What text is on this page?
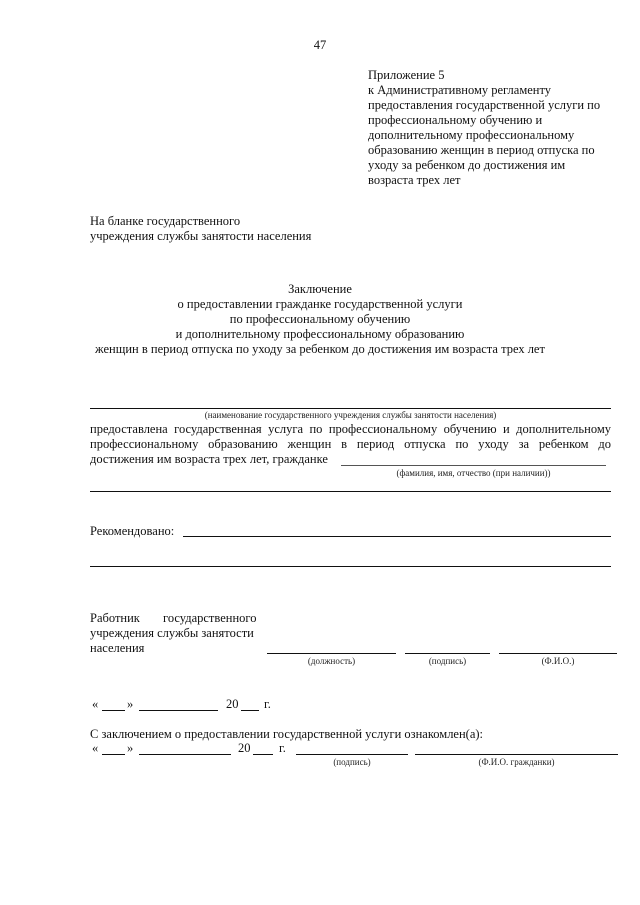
47
Приложение 5
к Административному регламенту
предоставления государственной услуги по
профессиональному обучению и
дополнительному профессиональному
образованию женщин в период отпуска по
уходу за ребенком до достижения им
возраста трех лет
На бланке государственного
учреждения службы занятости населения
Заключение
о предоставлении гражданке государственной услуги
по профессиональному обучению
и дополнительному профессиональному образованию
женщин в период отпуска по уходу за ребенком до достижения им возраста трех лет
(наименование государственного учреждения службы занятости населения)
предоставлена государственная услуга по профессиональному обучению и дополнительному
профессиональному образованию женщин в период отпуска по уходу за ребенком до
достижения им возраста трех лет, гражданке
(фамилия, имя, отчество (при наличии))
Рекомендовано:
Работник государственного
учреждения службы занятости
населения
(должность)	(подпись)	(Ф.И.О.)
« »	20 г.
С заключением о предоставлении государственной услуги ознакомлен(а):
« »	20 г.
(подпись)	(Ф.И.О. гражданки)
